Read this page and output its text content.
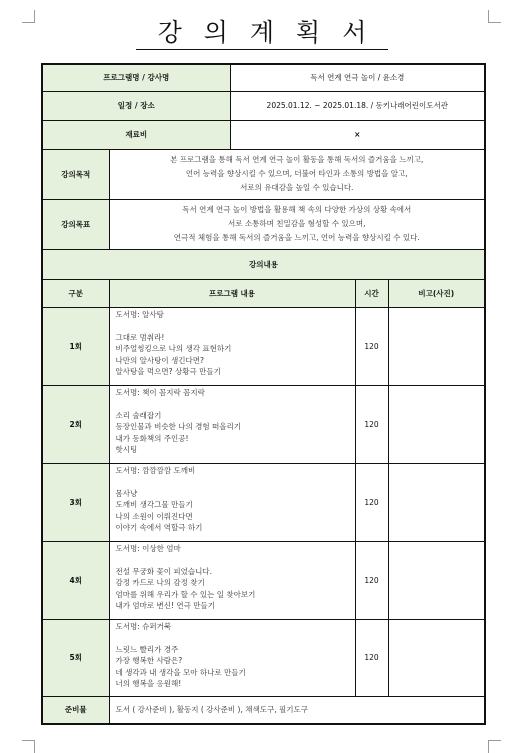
강의계획서
프로그램명 / 강사명		독서 연계 연극 놀이 / 윤소경		
일정 / 장소		2025.01.12. ~ 2025.01.18. / 동키나래어린이도서관		
재료비		×		
강의목적	본 프로그램을 통해 독서 연계 연극 놀이 활동을 통해 독서의 즐거움을 느끼고,
언어 능력을 향상시킬 수 있으며, 더불어 타인과 소통의 방법을 알고,
서로의 유대감을 높일 수 있습니다.			

강의목표	독서 연계 연극 놀이 방법을 활용해 책 속의 다양한 가상의 상황 속에서
서로 소통하며 친밀감을 형성할 수 있으며,
연극적 체험을 통해 독서의 즐거움을 느끼고, 언어 능력을 향상시킬 수 있다.			

강의내용				
구분	프로그램 내용		시간	비고(사진)
1회	도서명: 알사탕
그대로 멈춰라!
비주얼씽킹으로 나의 생각 표현하기
나만의 알사탕이 생긴다면?
알사탕을 먹으면? 상황극 만들기		120	
2회	도서명: 책이 꼼지락 꼼지락
소리 술래잡기
등장인물과 비슷한 나의 경험 떠올리기
내가 동화책의 주인공!
핫시팅		120	
3회	도서명: 깜깜깜깜 도깨비
몸사냥
도깨비 생각그물 만들기
나의 소원이 이뤄진다면
이야기 속에서 역할극 하기		120	
4회	도서명: 이상한 엄마
전설 무궁화 꽃이 피었습니다.
감정 카드로 나의 감정 찾기
엄마를 위해 우리가 할 수 있는 일 찾아보기
내가 엄마로 변신! 연극 만들기		120	
5회	도서명: 슈퍼거북
느릿느 빨리가 경주
가장 행복한 사람은?
네 생각과 내 생각을 모아 하나로 만들기
너의 행복을 응원해!		120	
준비물	도서 ( 강사준비 ), 활동지 ( 강사준비 ), 채색도구, 필기도구			
